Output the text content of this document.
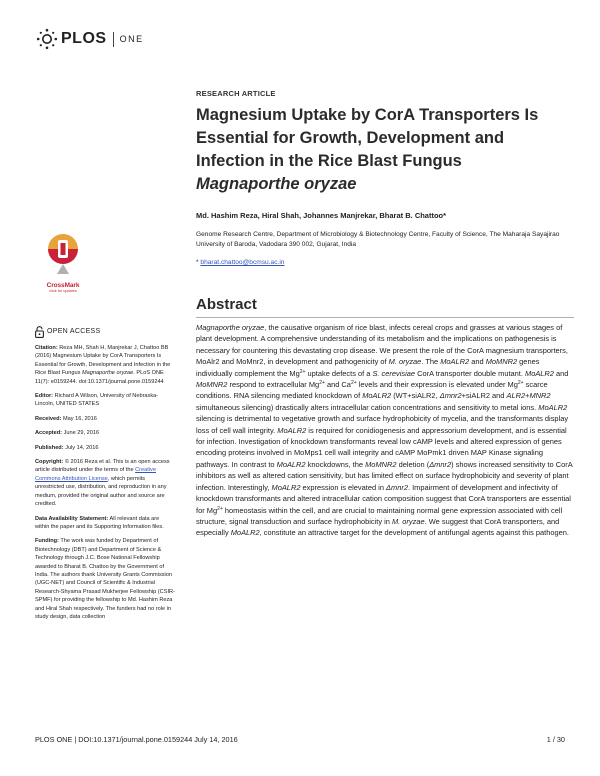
PLOS ONE
RESEARCH ARTICLE
Magnesium Uptake by CorA Transporters Is Essential for Growth, Development and Infection in the Rice Blast Fungus
Magnaporthe oryzae
Md. Hashim Reza, Hiral Shah, Johannes Manjrekar, Bharat B. Chattoo*
Genome Research Centre, Department of Microbiology & Biotechnology Centre, Faculty of Science, The Maharaja Sayajirao University of Baroda, Vadodara 390 002, Gujarat, India
* bharat.chattoo@bcmsu.ac.in
CrossMark
click for updates
Abstract

Magnaporthe oryzae, the causative organism of rice blast, infects cereal crops and grasses at various stages of plant development. A comprehensive understanding of its metabolism and the implications on pathogenesis is necessary for countering this devastating crop disease. We present the role of the CorA magnesium transporters, MoAlr2 and MoMnr2, in development and pathogenicity of M. oryzae. The MoALR2 and MoMNR2 genes individually complement the $Mg^{2+}$ uptake defects of a S. cerevisiae CorA transporter double mutant. MoALR2 and MoMNR2 respond to extracellular $Mg^{2+}$ and $Ca^{2+}$ levels and their expression is elevated under $Mg^{2+}$ scarce conditions. RNA silencing mediated knockdown of MoALR2 (WT+siALR2, Δmnr2+siALR2 and ALR2+MNR2 simultaneous silencing) drastically alters intracellular cation concentrations and sensitivity to metal ions. MoALR2 silencing is detrimental to vegetative growth and surface hydrophobicity of mycelia, and the transformants display loss of cell wall integrity. MoALR2 is required for conidiogenesis and appressorium development, and is essential for infection. Investigation of knockdown transformants reveal low cAMP levels and altered expression of genes encoding proteins involved in MoMps1 cell wall integrity and cAMP MoPmk1 driven MAP Kinase signaling pathways. In contrast to MoALR2 knockdowns, the MoMNR2 deletion (Δmnr2) shows increased sensitivity to CorA inhibitors as well as altered cation sensitivity, but has limited effect on surface hydrophobicity and severity of plant infection. Interestingly, MoALR2 expression is elevated in Δmnr2. Impairment of development and infectivity of knockdown transformants and altered intracellular cation composition suggest that CorA transporters are essential for $Mg^{2+}$ homeostasis within the cell, and are crucial to maintaining normal gene expression associated with cell structure, signal transduction and surface hydrophobicity in M. oryzae. We suggest that CorA transporters, and especially MoALR2, constitute an attractive target for the development of antifungal agents against this pathogen.

OPEN ACCESS

Citation: Reza MH, Shah H, Manjrekar J, Chattoo BB (2016) Magnesium Uptake by CorA Transporters Is Essential for Growth, Development and Infection in the Rice Blast Fungus Magnaporthe oryzae. PLoS ONE 11(7): e0159244. doi:10.1371/journal.pone.0159244

Editor: Richard A Wilson, University of Nebraska-Lincoln, UNITED STATES

Received: May 16, 2016

Accepted: June 29, 2016

Published: July 14, 2016

Copyright: © 2016 Reza et al. This is an open access article distributed under the terms of the Creative Commons Attribution License, which permits unrestricted use, distribution, and reproduction in any medium, provided the original author and source are credited.

Data Availability Statement: All relevant data are within the paper and its Supporting Information files.

Funding: The work was funded by Department of Biotechnology (DBT) and Department of Science & Technology through J.C. Bose National Fellowship awarded to Bharat B. Chattoo by the Government of India. The authors thank University Grants Commission (UGC-NET) and Council of Scientific & Industrial Research-Shyama Prasad Mukherjee Fellowship (CSIR-SPMF) for providing the fellowship to Md. Hashim Reza and Hiral Shah respectively. The funders had no role in study design, data collection

PLOS ONE | DOI:10.1371/journal.pone.0159244 July 14, 2016	1 / 30
